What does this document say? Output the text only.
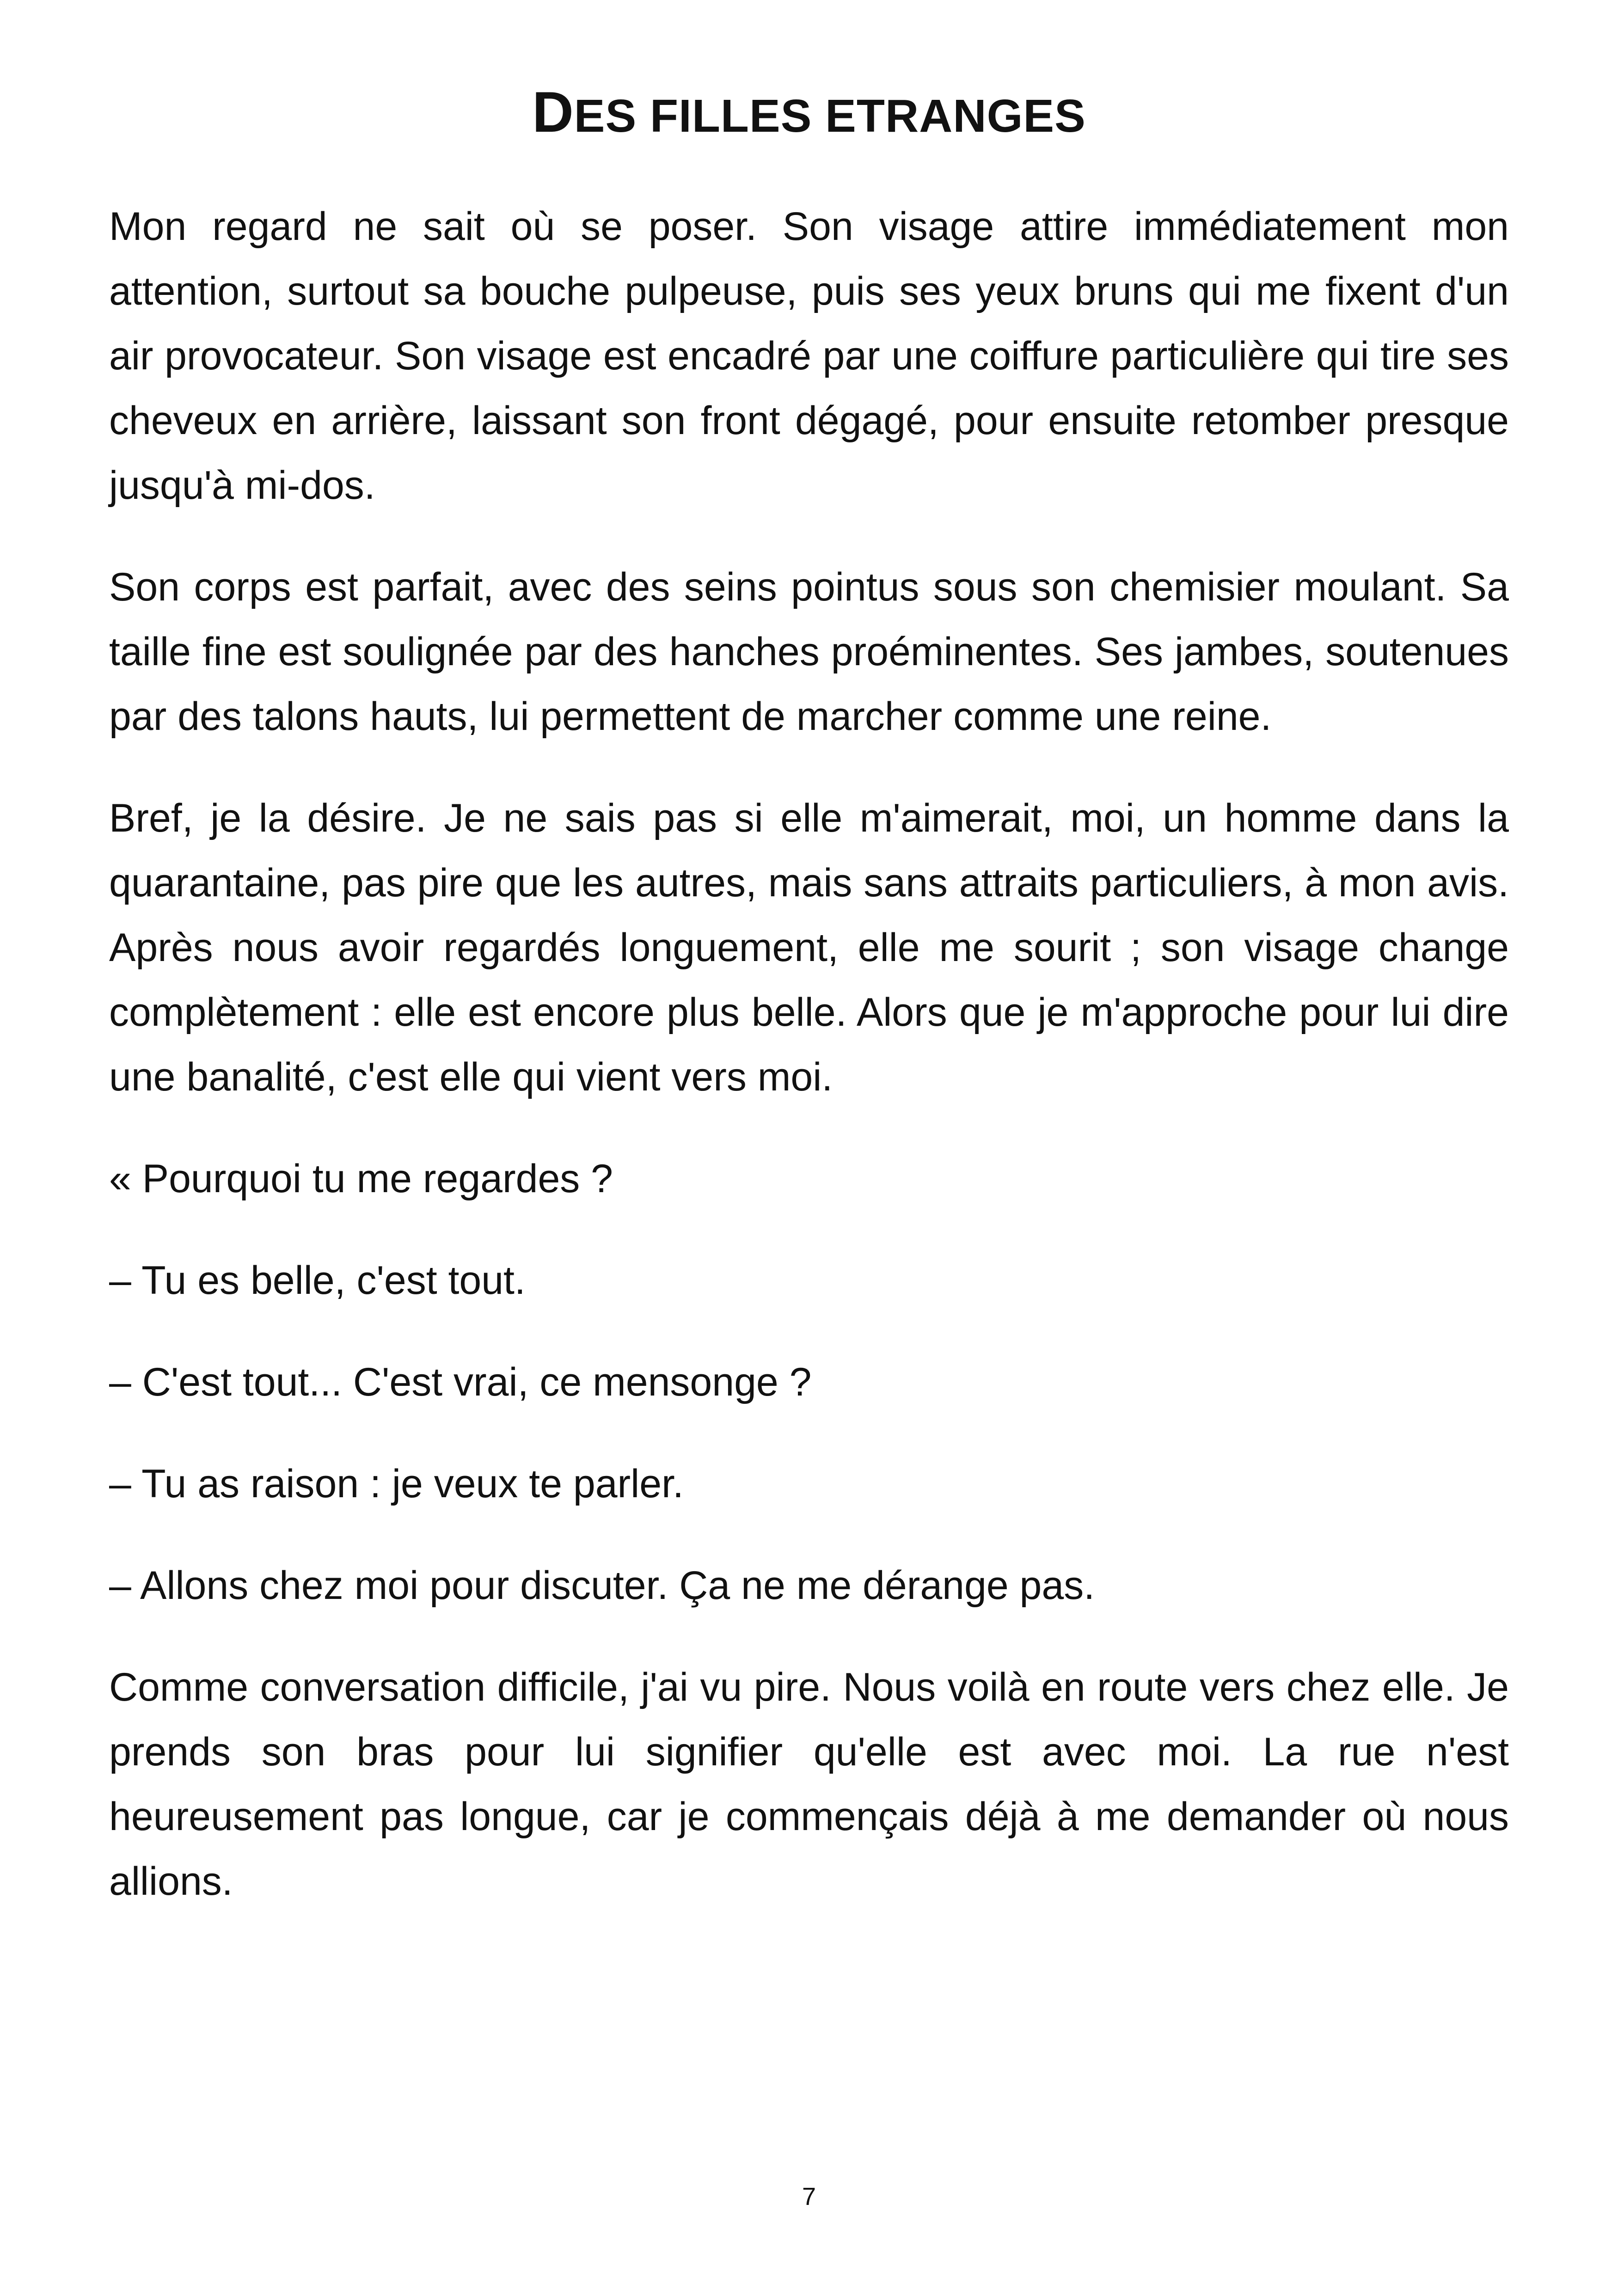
DES FILLES ETRANGES

Mon regard ne sait où se poser. Son visage attire immédiatement mon attention, surtout sa bouche pulpeuse, puis ses yeux bruns qui me fixent d'un air provocateur. Son visage est encadré par une coiffure particulière qui tire ses cheveux en arrière, laissant son front dégagé, pour ensuite retomber presque jusqu'à mi-dos.

Son corps est parfait, avec des seins pointus sous son chemisier moulant. Sa taille fine est soulignée par des hanches proéminentes. Ses jambes, soutenues par des talons hauts, lui permettent de marcher comme une reine.

Bref, je la désire. Je ne sais pas si elle m'aimerait, moi, un homme dans la quarantaine, pas pire que les autres, mais sans attraits particuliers, à mon avis. Après nous avoir regardés longuement, elle me sourit ; son visage change complètement : elle est encore plus belle. Alors que je m'approche pour lui dire une banalité, c'est elle qui vient vers moi.

« Pourquoi tu me regardes ?

– Tu es belle, c'est tout.

– C'est tout... C'est vrai, ce mensonge ?

– Tu as raison : je veux te parler.

– Allons chez moi pour discuter. Ça ne me dérange pas.

Comme conversation difficile, j'ai vu pire. Nous voilà en route vers chez elle. Je prends son bras pour lui signifier qu'elle est avec moi. La rue n'est heureusement pas longue, car je commençais déjà à me demander où nous allions.

7
